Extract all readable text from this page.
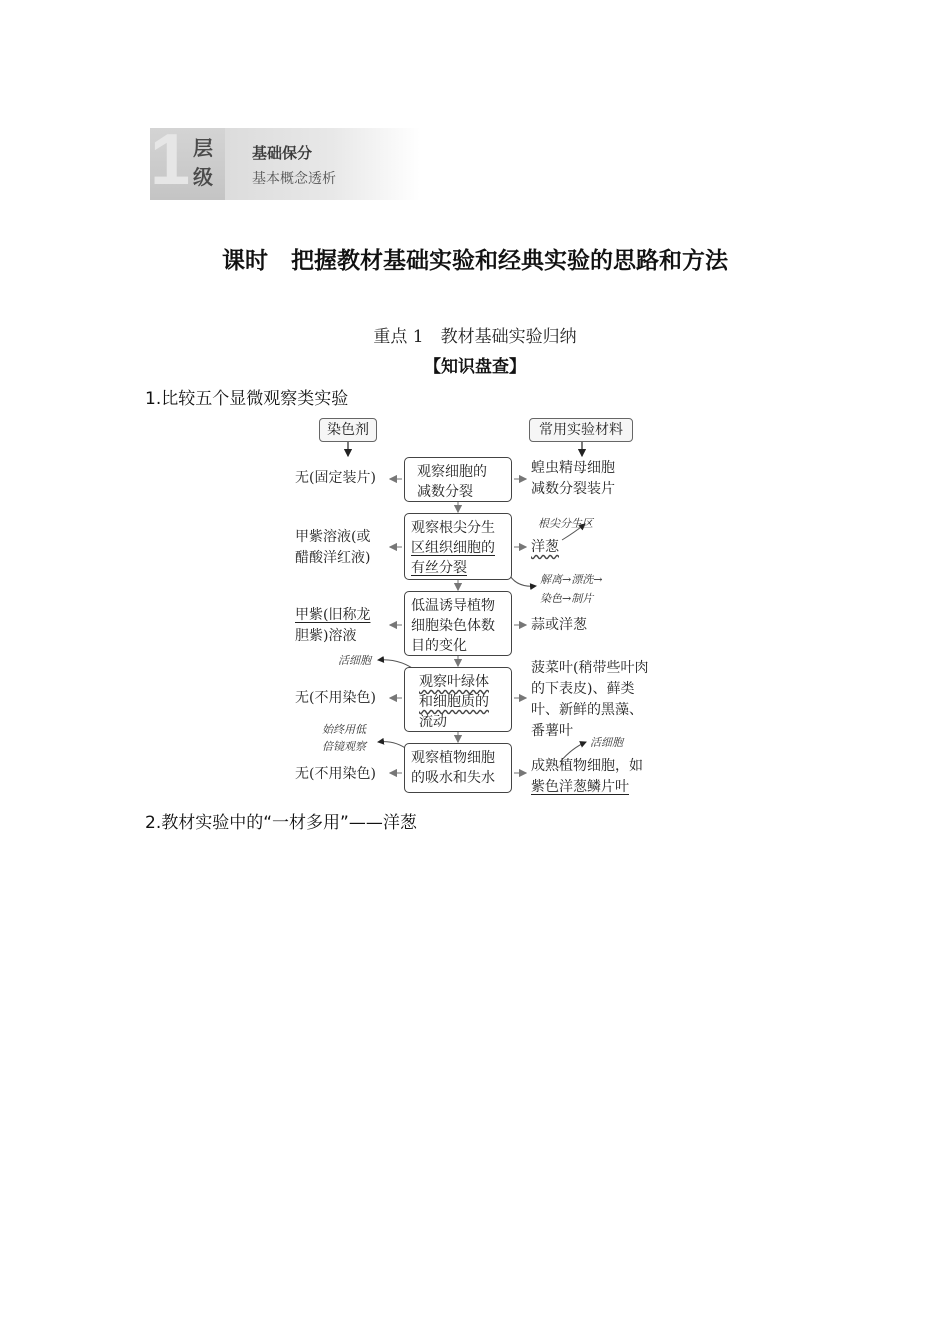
1 层
级
基础保分
基本概念透析
课时　把握教材基础实验和经典实验的思路和方法
重点 1　教材基础实验归纳
【知识盘查】
1.比较五个显微观察类实验
染色剂	常用实验材料
观察细胞的
减数分裂
观察根尖分生
区组织细胞的
有丝分裂
低温诱导植物
细胞染色体数
目的变化
观察叶绿体
和细胞质的
流动
观察植物细胞
的吸水和失水
无(固定装片)
甲紫溶液(或
醋酸洋红液)
甲紫(旧称龙
胆紫)溶液
无(不用染色)
无(不用染色)
蝗虫精母细胞
减数分裂装片
洋葱
蒜或洋葱
菠菜叶(稍带些叶肉
的下表皮)、藓类
叶、新鲜的黑藻、
番薯叶
成熟植物细胞，如
紫色洋葱鳞片叶
根尖分生区
解离→漂洗→
染色→制片
活细胞
始终用低
倍镜观察	活细胞
2.教材实验中的“一材多用”——洋葱
